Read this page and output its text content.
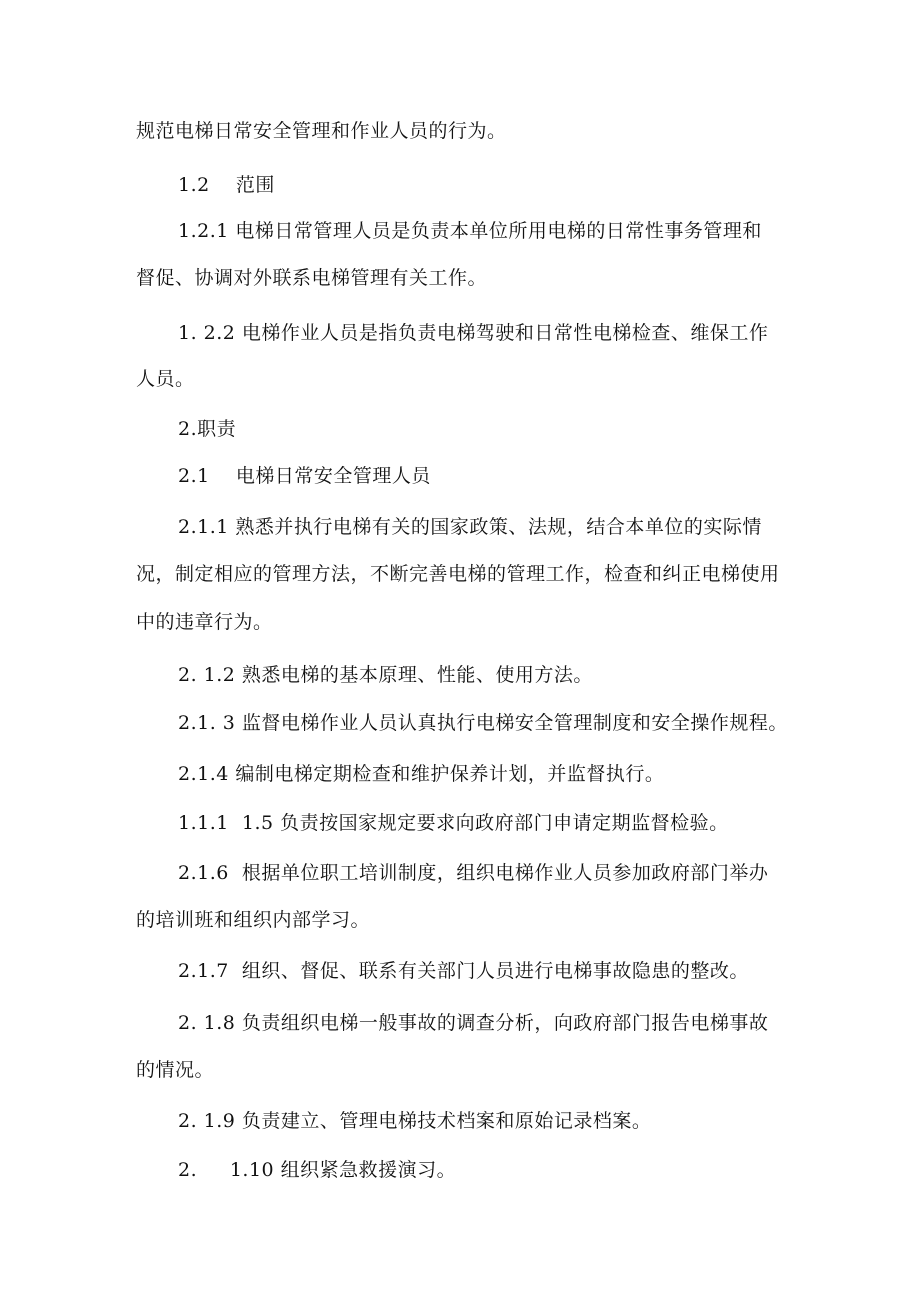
规范电梯日常安全管理和作业人员的行为。
1.2    范围
1.2.1 电梯日常管理人员是负责本单位所用电梯的日常性事务管理和
督促、协调对外联系电梯管理有关工作。
1. 2.2 电梯作业人员是指负责电梯驾驶和日常性电梯检查、维保工作
人员。
2.职责
2.1    电梯日常安全管理人员
2.1.1 熟悉并执行电梯有关的国家政策、法规，结合本单位的实际情
况，制定相应的管理方法，不断完善电梯的管理工作，检查和纠正电梯使用
中的违章行为。
2. 1.2 熟悉电梯的基本原理、性能、使用方法。
2.1. 3 监督电梯作业人员认真执行电梯安全管理制度和安全操作规程。
2.1.4 编制电梯定期检查和维护保养计划，并监督执行。
1.1.1  1.5 负责按国家规定要求向政府部门申请定期监督检验。
2.1.6  根据单位职工培训制度，组织电梯作业人员参加政府部门举办
的培训班和组织内部学习。
2.1.7  组织、督促、联系有关部门人员进行电梯事故隐患的整改。
2. 1.8 负责组织电梯一般事故的调查分析，向政府部门报告电梯事故
的情况。
2. 1.9 负责建立、管理电梯技术档案和原始记录档案。
2.     1.10 组织紧急救援演习。
